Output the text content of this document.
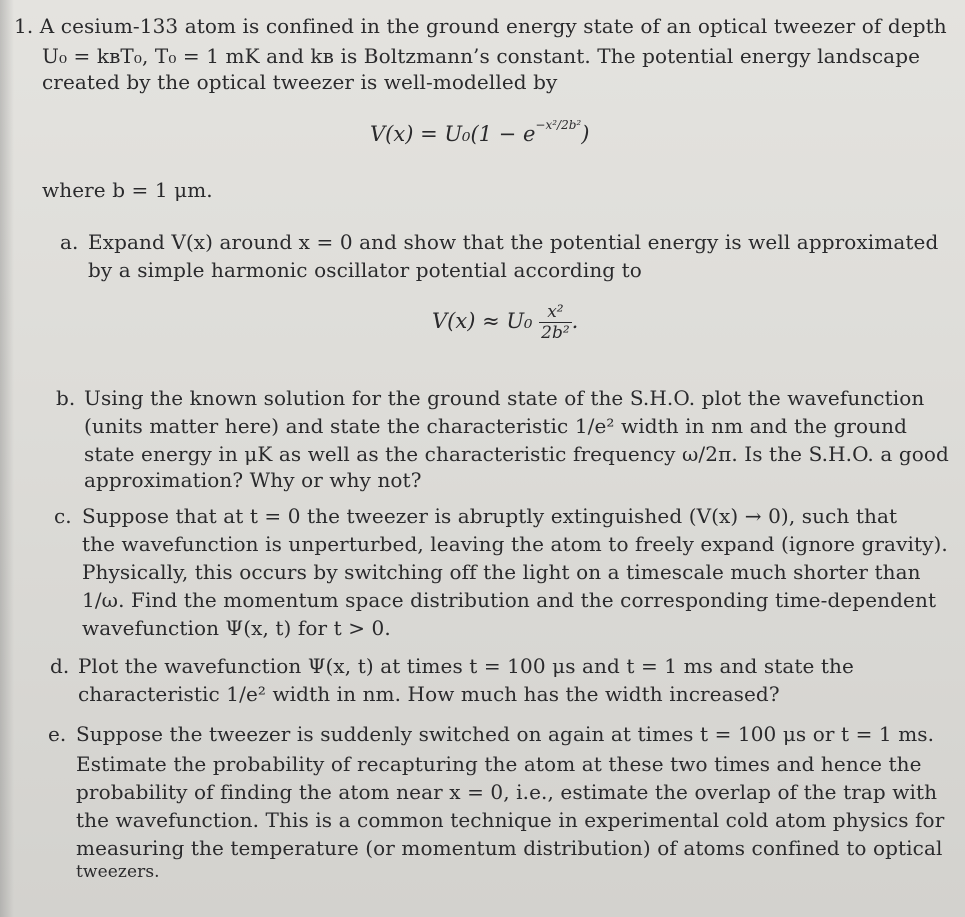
1. A cesium-133 atom is confined in the ground energy state of an optical tweezer of depth
U₀ = kʙT₀, T₀ = 1 mK and kʙ is Boltzmann’s constant. The potential energy landscape
created by the optical tweezer is well-modelled by
$V(x) = U_0(1 - e^{-x^2/2b^2})$
where b = 1 μm.
a. Expand V(x) around x = 0 and show that the potential energy is well approximated
by a simple harmonic oscillator potential according to
$V(x) \approx U_0 \frac{\text{x²}}{\text{2b²}}$ .
b. Using the known solution for the ground state of the S.H.O. plot the wavefunction
(units matter here) and state the characteristic 1/e² width in nm and the ground
state energy in μK as well as the characteristic frequency ω/2π. Is the S.H.O. a good
approximation? Why or why not?
c. Suppose that at t = 0 the tweezer is abruptly extinguished (V(x) → 0), such that
the wavefunction is unperturbed, leaving the atom to freely expand (ignore gravity).
Physically, this occurs by switching off the light on a timescale much shorter than
1/ω. Find the momentum space distribution and the corresponding time-dependent
wavefunction Ψ(x, t) for t > 0.
d. Plot the wavefunction Ψ(x, t) at times t = 100 μs and t = 1 ms and state the
characteristic 1/e² width in nm. How much has the width increased?
e. Suppose the tweezer is suddenly switched on again at times t = 100 μs or t = 1 ms.
Estimate the probability of recapturing the atom at these two times and hence the
probability of finding the atom near x = 0, i.e., estimate the overlap of the trap with
the wavefunction. This is a common technique in experimental cold atom physics for
measuring the temperature (or momentum distribution) of atoms confined to optical
tweezers.
